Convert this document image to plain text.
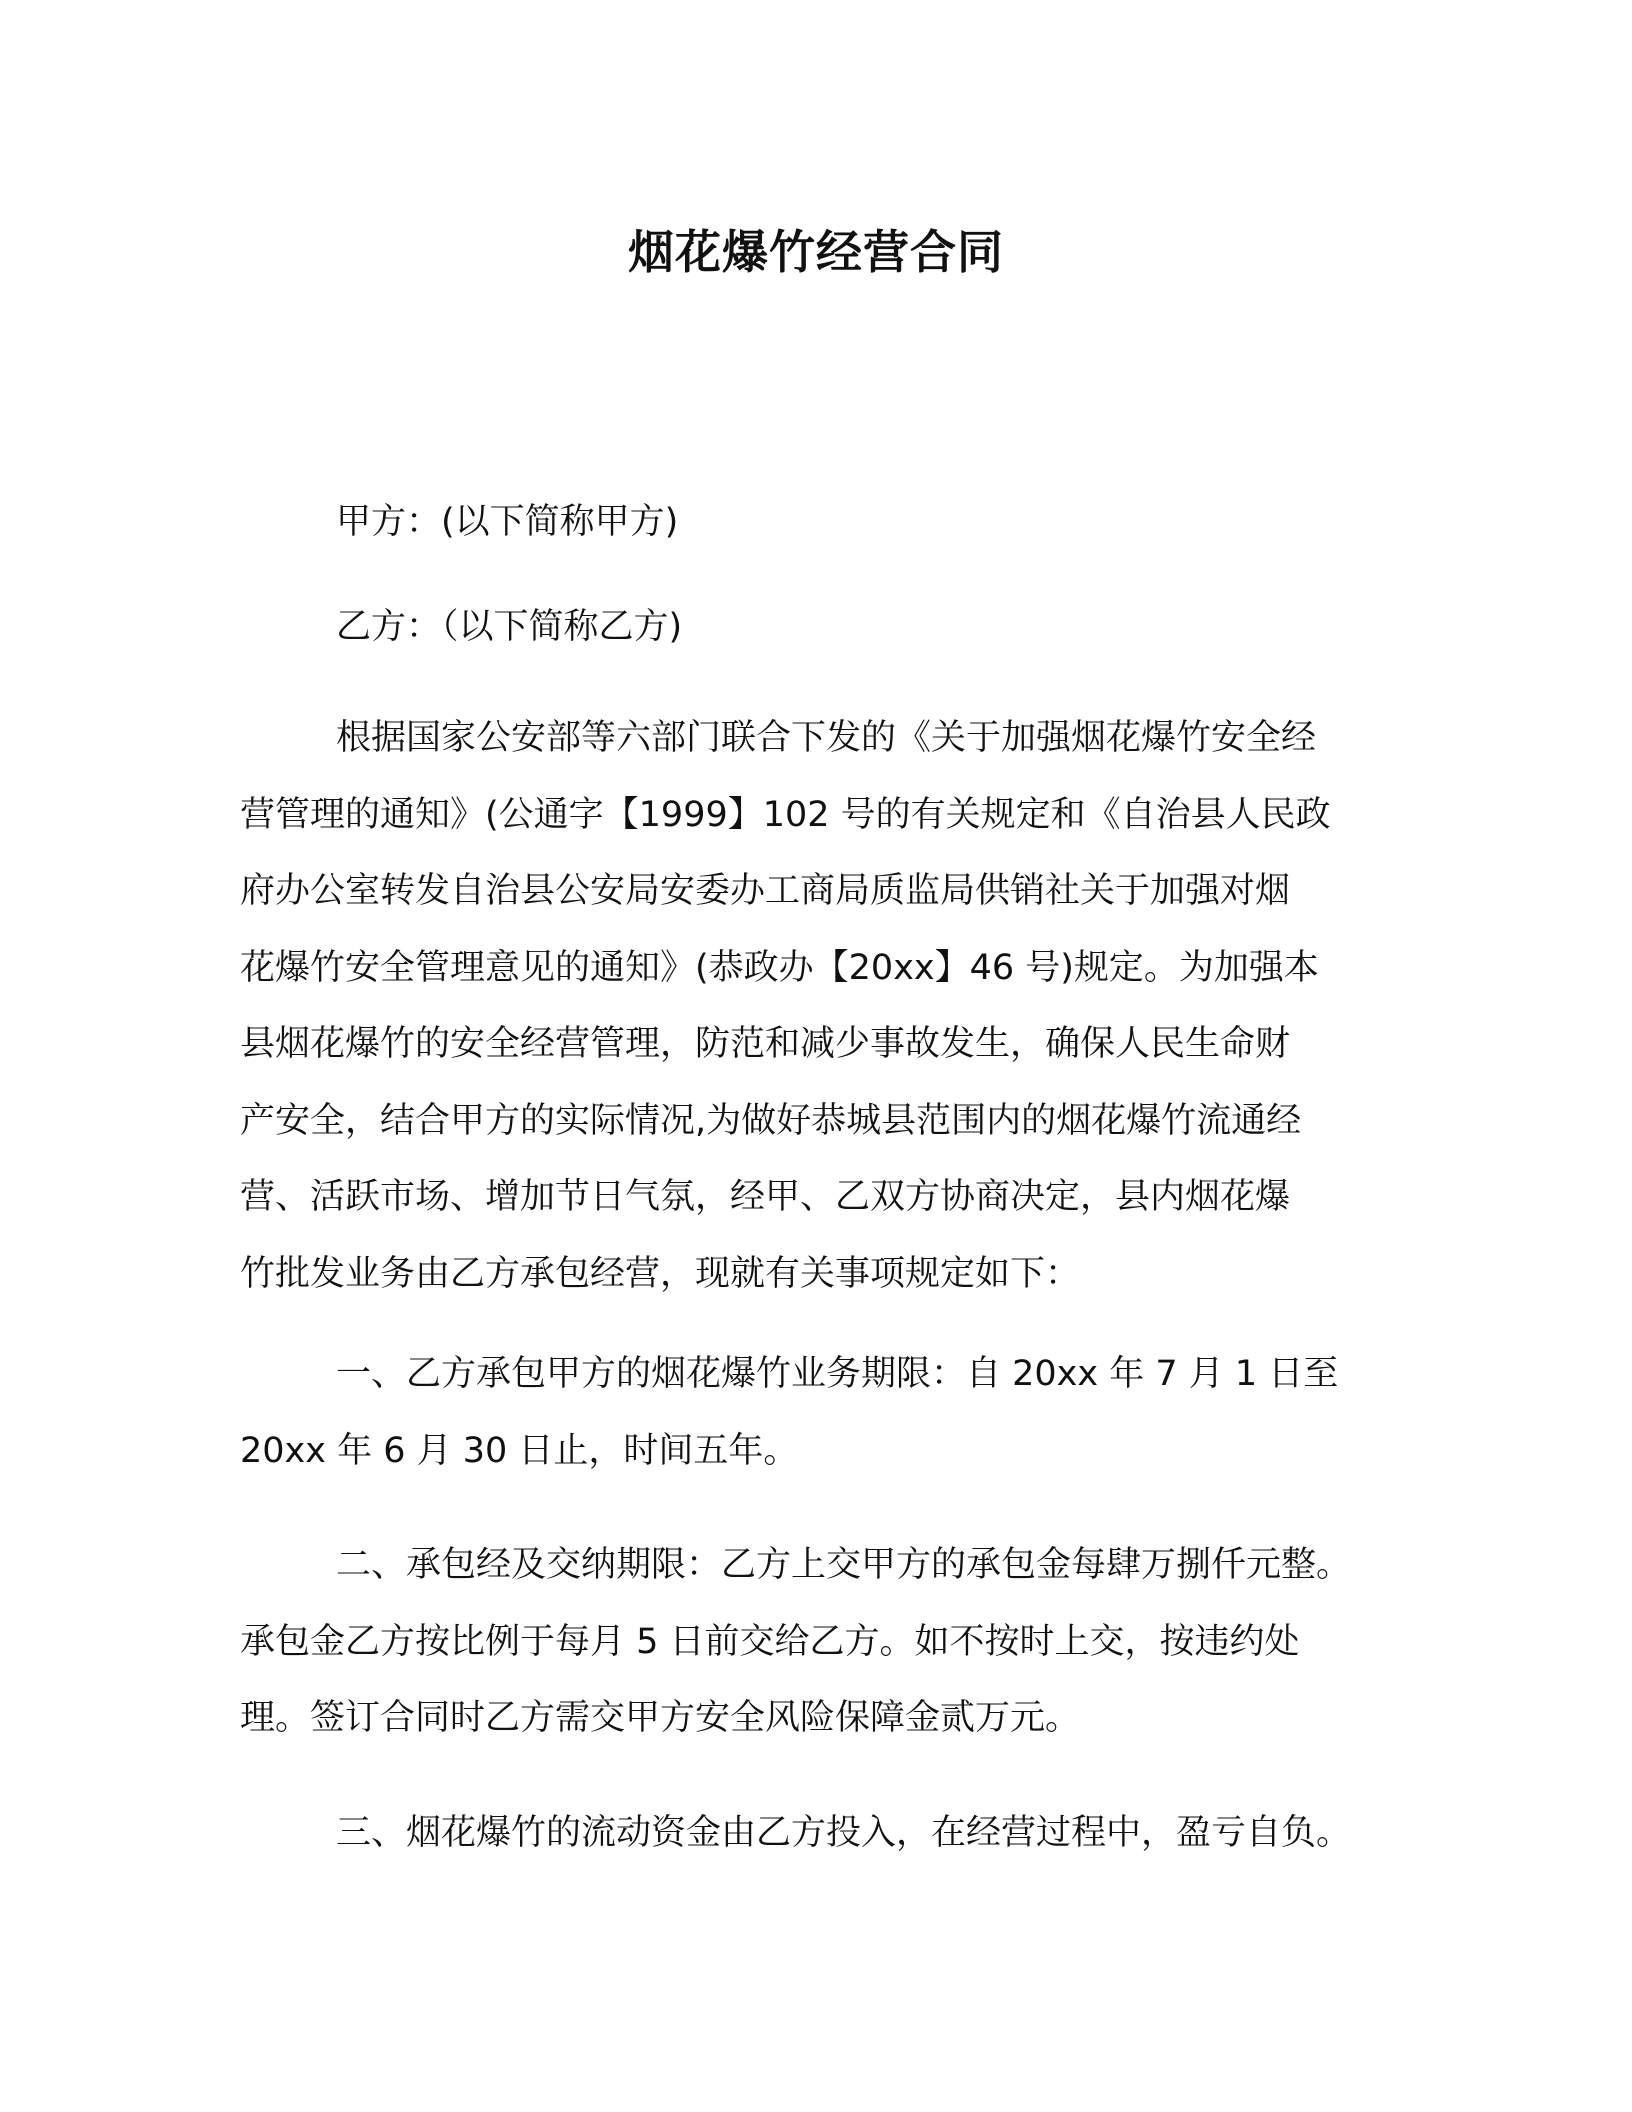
烟花爆竹经营合同
甲方：(以下简称甲方)
乙方：（以下简称乙方)
根据国家公安部等六部门联合下发的《关于加强烟花爆竹安全经
营管理的通知》(公通字【1999】102 号的有关规定和《自治县人民政
府办公室转发自治县公安局安委办工商局质监局供销社关于加强对烟
花爆竹安全管理意见的通知》(恭政办【20xx】46 号)规定。为加强本
县烟花爆竹的安全经营管理，防范和减少事故发生，确保人民生命财
产安全，结合甲方的实际情况,为做好恭城县范围内的烟花爆竹流通经
营、活跃市场、增加节日气氛，经甲、乙双方协商决定，县内烟花爆
竹批发业务由乙方承包经营，现就有关事项规定如下：
一、乙方承包甲方的烟花爆竹业务期限：自 20xx 年 7 月 1 日至
20xx 年 6 月 30 日止，时间五年。
二、承包经及交纳期限：乙方上交甲方的承包金每肆万捌仟元整。
承包金乙方按比例于每月 5 日前交给乙方。如不按时上交，按违约处
理。签订合同时乙方需交甲方安全风险保障金贰万元。
三、烟花爆竹的流动资金由乙方投入，在经营过程中，盈亏自负。
